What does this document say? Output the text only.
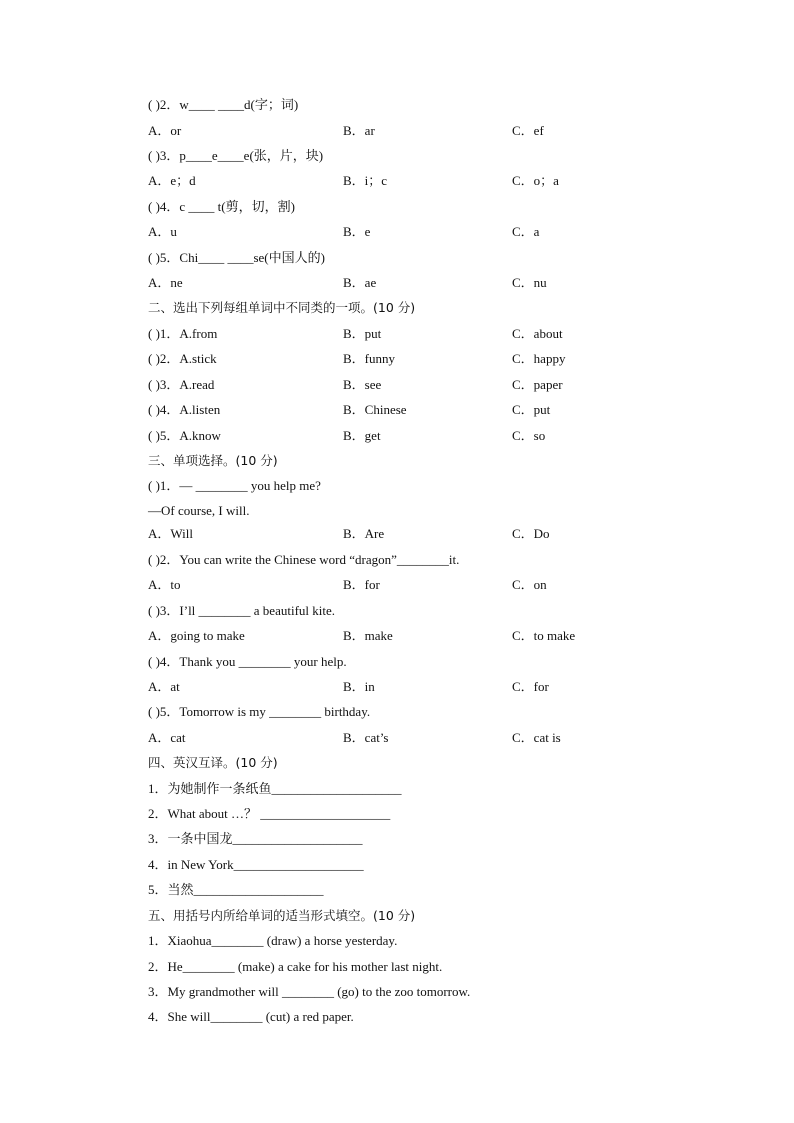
( )2．w____ ____d(字；词)
A．or	B．ar	C．ef
( )3．p____e____e(张，片，块)
A．e；d	B．i；c	C．o；a
( )4．c ____ t(剪，切，割)
A．u	B．e	C．a
( )5．Chi____ ____se(中国人的)
A．ne	B．ae	C．nu
二、选出下列每组单词中不同类的一项。(10 分)
( )1．A.from	B．put	C．about
( )2．A.stick	B．funny	C．happy
( )3．A.read	B．see	C．paper
( )4．A.listen	B．Chinese	C．put
( )5．A.know	B．get	C．so
三、单项选择。(10 分)
( )1．— ________ you help me?
—Of course, I will.
A．Will	B．Are	C．Do
( )2．You can write the Chinese word “dragon”________it.
A．to	B．for	C．on
( )3．I’ll ________ a beautiful kite.
A．going to make	B．make	C．to make
( )4．Thank you ________ your help.
A．at	B．in	C．for
( )5．Tomorrow is my ________ birthday.
A．cat	B．cat’s	C．cat is
四、英汉互译。(10 分)
1．为她制作一条纸鱼____________________
2．What about …？ ____________________
3．一条中国龙____________________
4．in New York____________________
5．当然____________________
五、用括号内所给单词的适当形式填空。(10 分)
1．Xiaohua________ (draw) a horse yesterday.
2．He________ (make) a cake for his mother last night.
3．My grandmother will ________ (go) to the zoo tomorrow.
4．She will________ (cut) a red paper.
